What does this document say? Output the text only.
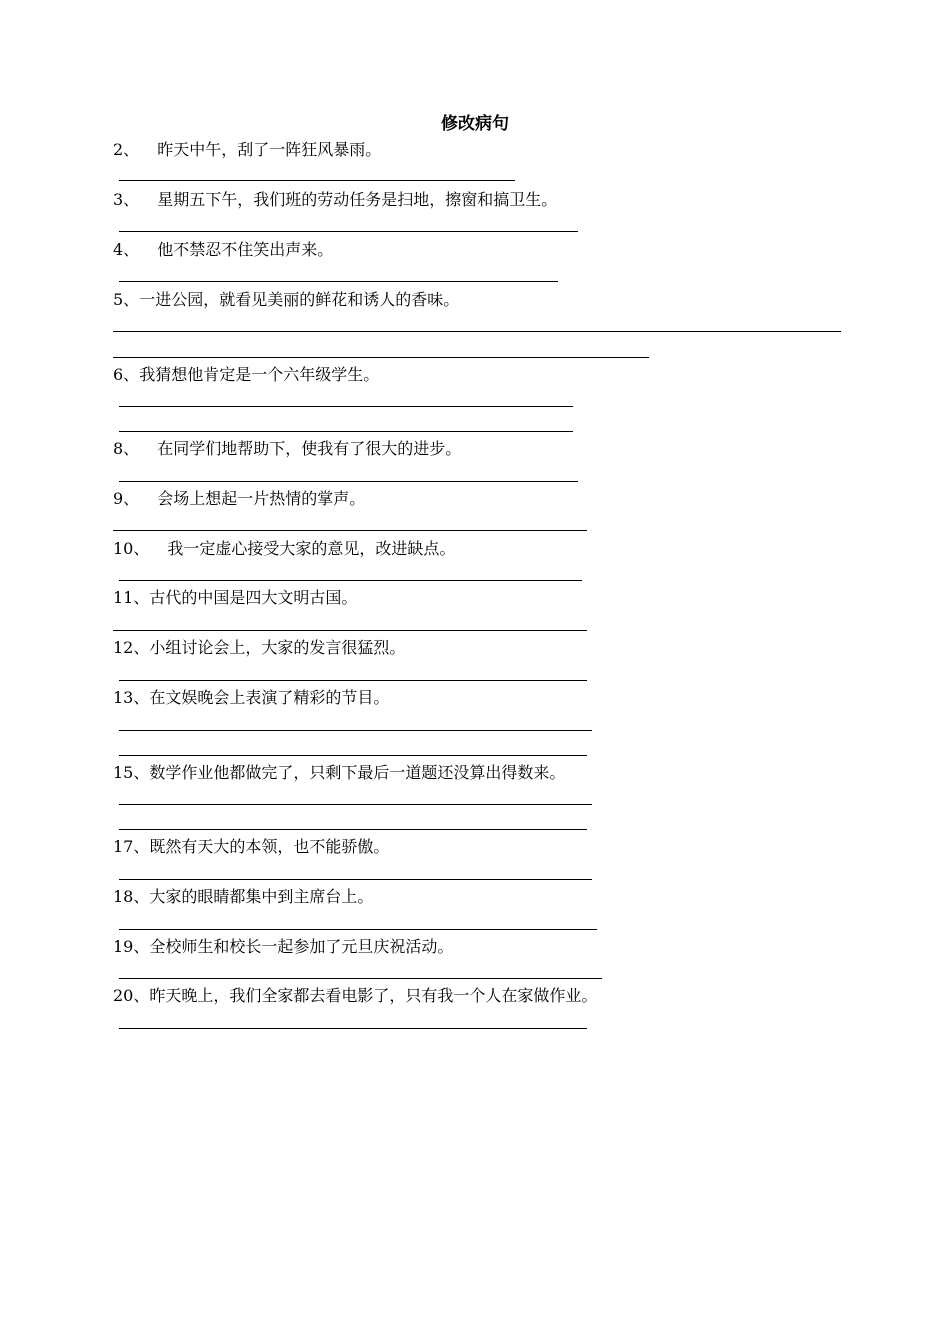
修改病句
2、 昨天中午，刮了一阵狂风暴雨。
3、 星期五下午，我们班的劳动任务是扫地，擦窗和搞卫生。
4、 他不禁忍不住笑出声来。
5、一进公园，就看见美丽的鲜花和诱人的香味。
6、我猜想他肯定是一个六年级学生。
8、 在同学们地帮助下，使我有了很大的进步。
9、 会场上想起一片热情的掌声。
10、 我一定虚心接受大家的意见，改进缺点。
11、古代的中国是四大文明古国。
12、小组讨论会上，大家的发言很猛烈。
13、在文娱晚会上表演了精彩的节目。
15、数学作业他都做完了，只剩下最后一道题还没算出得数来。
17、既然有天大的本领，也不能骄傲。
18、大家的眼睛都集中到主席台上。
19、全校师生和校长一起参加了元旦庆祝活动。
20、昨天晚上，我们全家都去看电影了，只有我一个人在家做作业。
